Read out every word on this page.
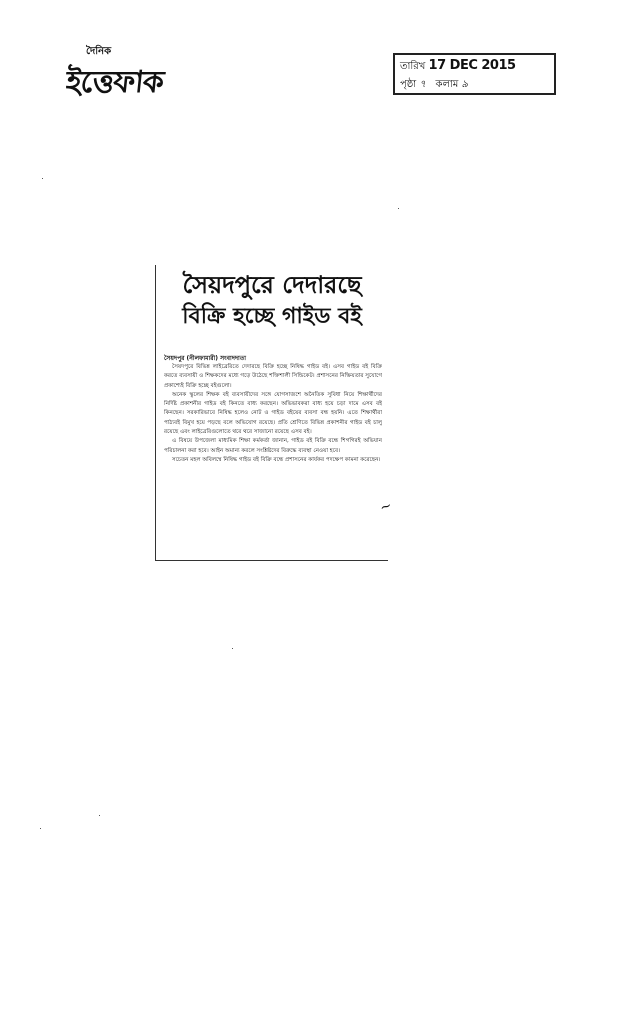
দৈনিক
ইত্তেফাক	তারিখ 17 DEC 2015
পৃষ্ঠা ৭ কলাম ৯
সৈয়দপুরে দেদারছে
বিক্রি হচ্ছে গাইড বই
সৈয়দপুর (নীলফামারী) সংবাদদাতা

সৈয়দপুরে বিভিন্ন লাইব্রেরিতে দেদারছে বিক্রি হচ্ছে নিষিদ্ধ গাইড বই। এসব গাইড বই বিক্রি করতে ব্যবসায়ী ও শিক্ষকদের মধ্যে গড়ে উঠেছে শক্তিশালী সিন্ডিকেট। প্রশাসনের নিষ্ক্রিয়তার সুযোগে প্রকাশ্যেই বিক্রি হচ্ছে বইগুলো।

অনেক স্কুলের শিক্ষক বই ব্যবসায়ীদের সঙ্গে যোগসাজশে অনৈতিক সুবিধা নিয়ে শিক্ষার্থীদের নির্দিষ্ট প্রকাশনীর গাইড বই কিনতে বাধ্য করছেন। অভিভাবকরা বাধ্য হয়ে চড়া দামে এসব বই কিনছেন। সরকারিভাবে নিষিদ্ধ হলেও নোট ও গাইড বইয়ের ব্যবসা বন্ধ হয়নি। এতে শিক্ষার্থীরা পাঠ্যবই বিমুখ হয়ে পড়ছে বলে অভিযোগ রয়েছে। প্রতি শ্রেণিতে বিভিন্ন প্রকাশনীর গাইড বই চালু রয়েছে এবং লাইব্রেরিগুলোতে থরে থরে সাজানো রয়েছে এসব বই।

এ বিষয়ে উপজেলা মাধ্যমিক শিক্ষা কর্মকর্তা জানান, গাইড বই বিক্রি বন্ধে শিগগিরই অভিযান পরিচালনা করা হবে। আইন অমান্য করলে সংশ্লিষ্টদের বিরুদ্ধে ব্যবস্থা নেওয়া হবে।

সচেতন মহল অবিলম্বে নিষিদ্ধ গাইড বই বিক্রি বন্ধে প্রশাসনের কার্যকর পদক্ষেপ কামনা করেছেন।

~
